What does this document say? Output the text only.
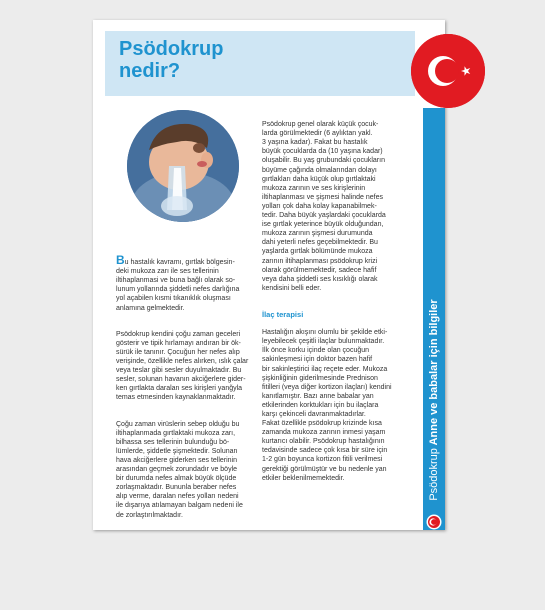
Psödokrup
nedir?
Psödokrup Anne ve babalar için bilgiler

Bu hastalık kavramı, gırtlak bölgesin-
deki mukoza zarı ile ses tellerinin
iltihaplanmasi ve buna bağlı olarak so-
lunum yollarında şiddetli nefes darlığına
yol açabilen kısmi tıkanıklık oluşması
anlamına gelmektedir.

Psödokrup kendini çoğu zaman geceleri
gösterir ve tipik hırlamayı andıran bir ök-
sürük ile tanınır. Çocuğun her nefes alıp
verişinde, özellikle nefes alırken, ıslık çalar
veya teslar gibi sesler duyulmaktadır. Bu
sesler, solunan havanın akciğerlere gider-
ken gırtlakta daralan ses kirişleri yanğyla
temas etmesinden kaynaklanmaktadır.

Çoğu zaman virüslerin sebep olduğu bu
iltihaplanmada gırtlaktaki mukoza zarı,
bilhassa ses tellerinin bulunduğu bö-
lümlerde, şiddetle şişmektedir. Solunan
hava akciğerlere giderken ses tellerinin
arasından geçmek zorundadır ve böyle
bir durumda nefes almak büyük ölçüde
zorlaşmaktadır. Bununla beraber nefes
alıp verme, daralan nefes yolları nedeni
ile dışarıya atılamayan balgam nedeni ile
de zorlaştırılmaktadır.

Psödokrup genel olarak küçük çocuk-
larda görülmektedir (6 aylıktan yakl.
3 yaşına kadar). Fakat bu hastalık
büyük çocuklarda da (10 yaşına kadar)
oluşabilir. Bu yaş grubundaki çocukların
büyüme çağında olmalarından dolayı
gırtlakları daha küçük olup gırtlaktaki
mukoza zarının ve ses kirişlerinin
iltihaplanması ve şişmesi halinde nefes
yolları çok daha kolay kapanabilmek-
tedir. Daha büyük yaşlardaki çocuklarda
ise gırtlak yeterince büyük olduğundan,
mukoza zarının şişmesi durumunda
dahi yeterli nefes geçebilmektedir. Bu
yaşlarda gırtlak bölümünde mukoza
zarının iltihaplanması psödokrup krizi
olarak görülmemektedir, sadece hafif
veya daha şiddetli ses kısıklığı olarak
kendisini belli eder.

İlaç terapisi

Hastalığın akışını olumlu bir şekilde etki-
leyebilecek çeşitli ilaçlar bulunmaktadır.
İlk önce korku içinde olan çocuğun
sakinleşmesi için doktor bazen hafif
bir sakinleştirici ilaç reçete eder. Mukoza
şişkinliğinin giderilmesinde Prednison
fitilleri (veya diğer kortizon ilaçları) kendini
kanıtlamıştır. Bazı anne babalar yan
etkilerinden korktukları için bu ilaçlara
karşı çekinceli davranmaktadırlar.
Fakat özellikle psödokrup krizinde kısa
zamanda mukoza zarının inmesi yaşam
kurtarıcı olabilir. Psödokrup hastalığının
tedavisinde sadece çok kısa bir süre için
1-2 gün boyunca kortizon fitili verilmesi
gerektiği görülmüştür ve bu nedenle yan
etkiler beklenilmemektedir.
